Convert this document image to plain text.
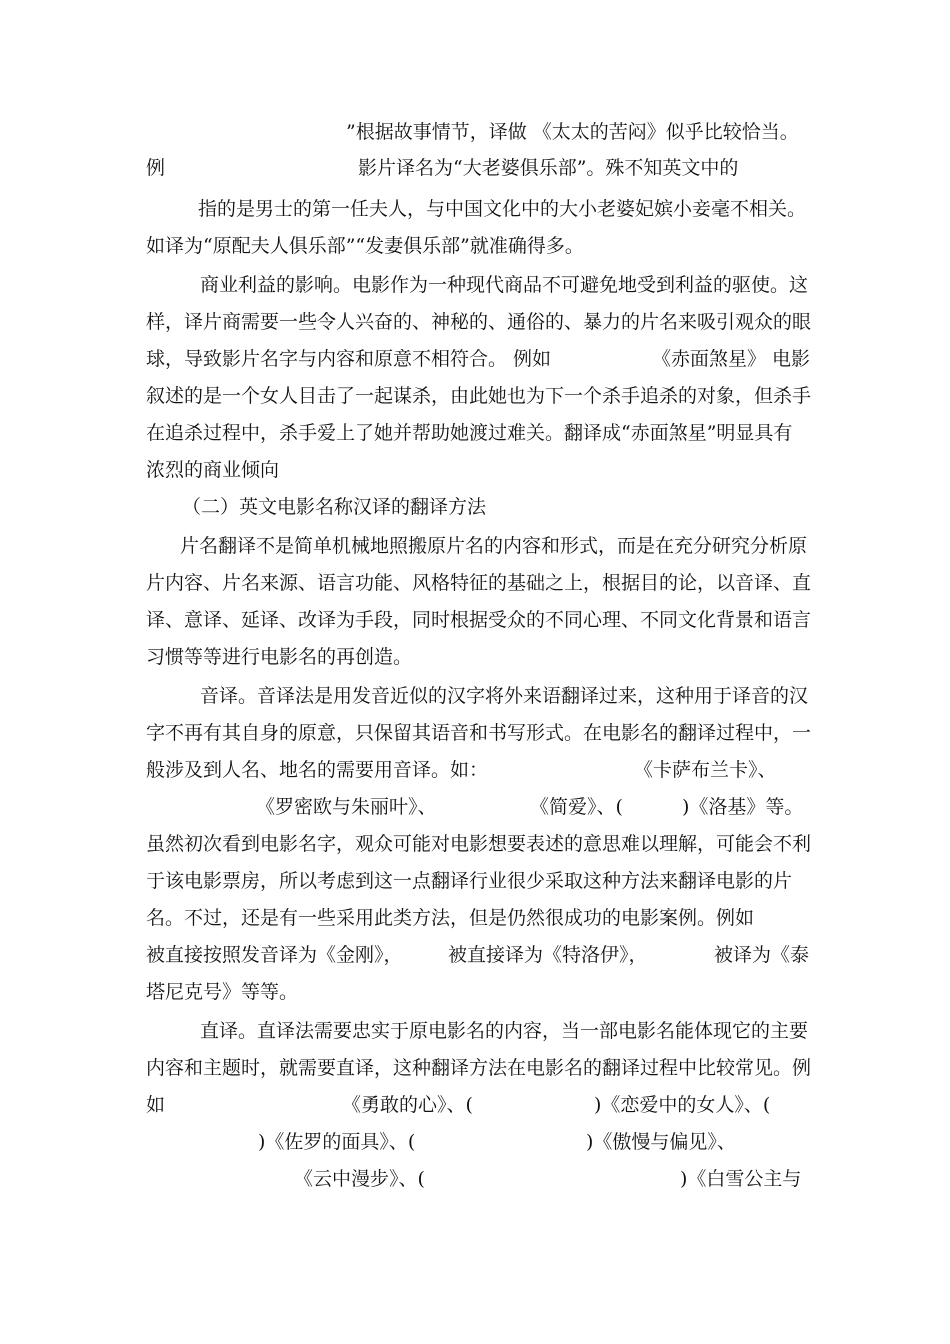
”根据故事情节，译做 《太太的苦闷》似乎比较恰当。
例	影片译名为“大老婆俱乐部”。殊不知英文中的
指的是男士的第一任夫人，与中国文化中的大小老婆妃嫔小妾毫不相关。
如译为“原配夫人俱乐部”“发妻俱乐部”就准确得多。
商业利益的影响。电影作为一种现代商品不可避免地受到利益的驱使。这
样，译片商需要一些令人兴奋的、神秘的、通俗的、暴力的片名来吸引观众的眼
球，导致影片名字与内容和原意不相符合。 例如	《赤面煞星》 电影
叙述的是一个女人目击了一起谋杀，由此她也为下一个杀手追杀的对象，但杀手
在追杀过程中，杀手爱上了她并帮助她渡过难关。翻译成“赤面煞星”明显具有
浓烈的商业倾向
（二）英文电影名称汉译的翻译方法
片名翻译不是简单机械地照搬原片名的内容和形式，而是在充分研究分析原
片内容、片名来源、语言功能、风格特征的基础之上，根据目的论，以音译、直
译、意译、延译、改译为手段，同时根据受众的不同心理、不同文化背景和语言
习惯等等进行电影名的再创造。
音译。音译法是用发音近似的汉字将外来语翻译过来，这种用于译音的汉
字不再有其自身的原意，只保留其语音和书写形式。在电影名的翻译过程中，一
般涉及到人名、地名的需要用音译。如：	《卡萨布兰卡》、
《罗密欧与朱丽叶》、	《简爱》、(	)《洛基》等。
虽然初次看到电影名字，观众可能对电影想要表述的意思难以理解，可能会不利
于该电影票房，所以考虑到这一点翻译行业很少采取这种方法来翻译电影的片
名。不过，还是有一些采用此类方法，但是仍然很成功的电影案例。例如
被直接按照发音译为《金刚》， 被直接译为《特洛伊》，	被译为《泰
塔尼克号》等等。
直译。直译法需要忠实于原电影名的内容，当一部电影名能体现它的主要
内容和主题时，就需要直译，这种翻译方法在电影名的翻译过程中比较常见。例
如	《勇敢的心》、(	)《恋爱中的女人》、(
)《佐罗的面具》、(	)《傲慢与偏见》、
《云中漫步》、(	)《白雪公主与
